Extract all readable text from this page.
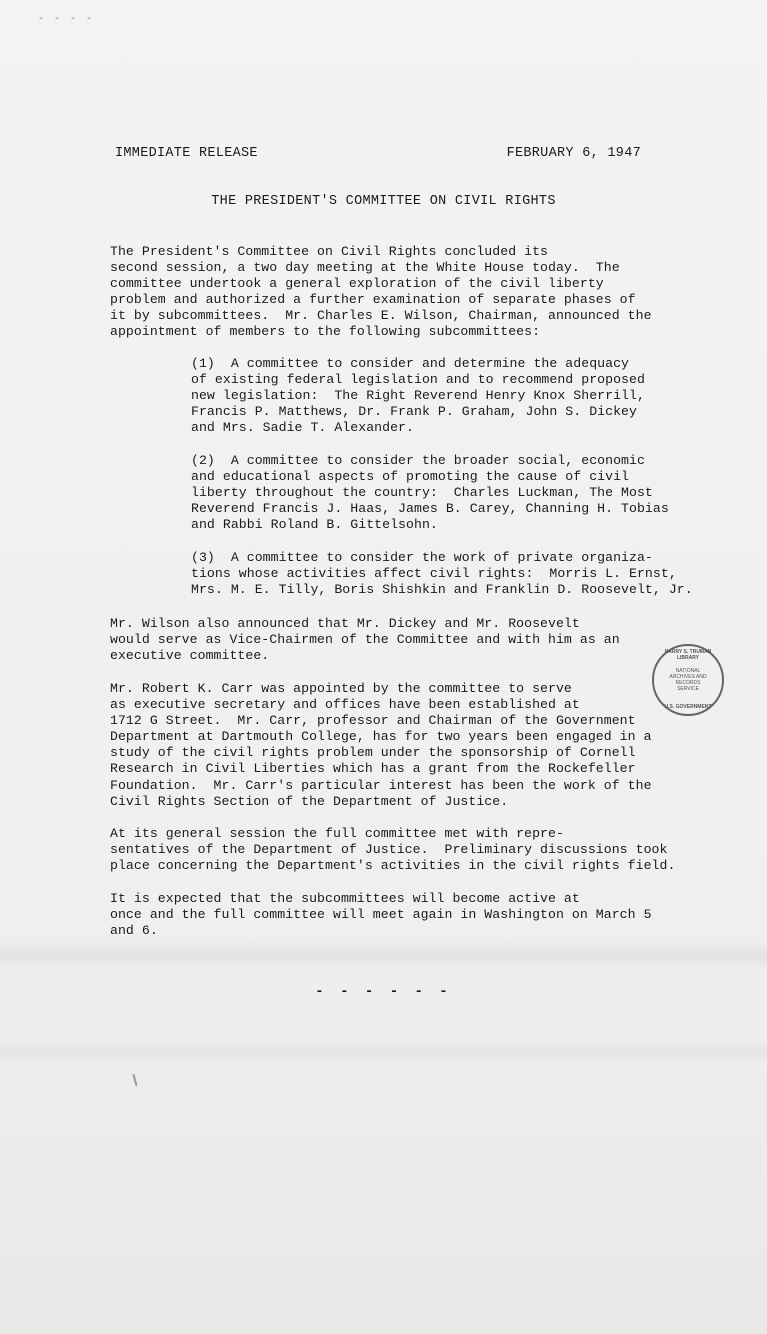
- - - -
IMMEDIATE RELEASE	FEBRUARY 6, 1947
THE PRESIDENT'S COMMITTEE ON CIVIL RIGHTS

The President's Committee on Civil Rights concluded its
second session, a two day meeting at the White House today.  The
committee undertook a general exploration of the civil liberty
problem and authorized a further examination of separate phases of
it by subcommittees.  Mr. Charles E. Wilson, Chairman, announced the
appointment of members to the following subcommittees:

(1)  A committee to consider and determine the adequacy
of existing federal legislation and to recommend proposed
new legislation:  The Right Reverend Henry Knox Sherrill,
Francis P. Matthews, Dr. Frank P. Graham, John S. Dickey
and Mrs. Sadie T. Alexander.

(2)  A committee to consider the broader social, economic
and educational aspects of promoting the cause of civil
liberty throughout the country:  Charles Luckman, The Most
Reverend Francis J. Haas, James B. Carey, Channing H. Tobias
and Rabbi Roland B. Gittelsohn.

(3)  A committee to consider the work of private organiza-
tions whose activities affect civil rights:  Morris L. Ernst,
Mrs. M. E. Tilly, Boris Shishkin and Franklin D. Roosevelt, Jr.

Mr. Wilson also announced that Mr. Dickey and Mr. Roosevelt
would serve as Vice-Chairmen of the Committee and with him as an
executive committee.

Mr. Robert K. Carr was appointed by the committee to serve
as executive secretary and offices have been established at
1712 G Street.  Mr. Carr, professor and Chairman of the Government
Department at Dartmouth College, has for two years been engaged in a
study of the civil rights problem under the sponsorship of Cornell
Research in Civil Liberties which has a grant from the Rockefeller
Foundation.  Mr. Carr's particular interest has been the work of the
Civil Rights Section of the Department of Justice.

At its general session the full committee met with repre-
sentatives of the Department of Justice.  Preliminary discussions took
place concerning the Department's activities in the civil rights field.

It is expected that the subcommittees will become active at
once and the full committee will meet again in Washington on March 5
and 6.

HARRY S. TRUMAN LIBRARY
NATIONAL ARCHIVES AND RECORDS SERVICE
U.S. GOVERNMENT
- - - - - -
